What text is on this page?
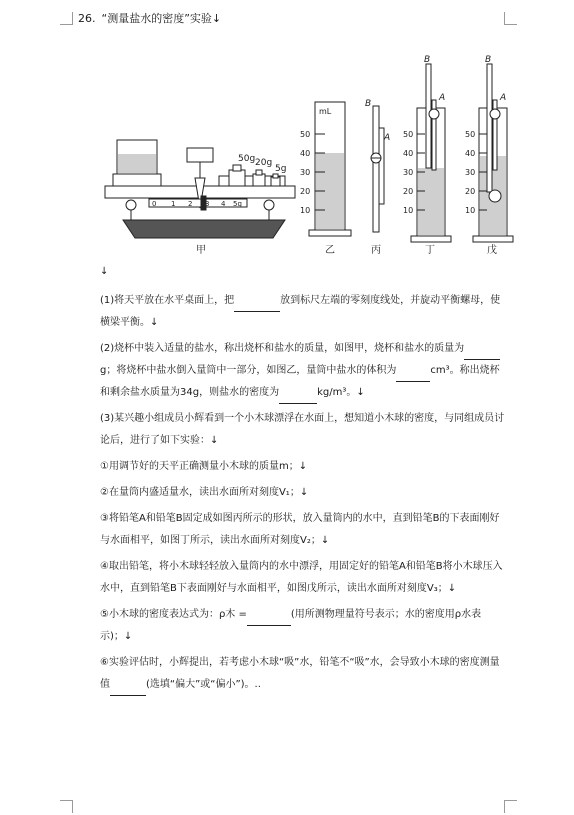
26. “测量盐水的密度”实验↓
50g 20g
5g
0 1 2 3 4 5g
甲
mL
50
40
30
20
10
乙
B
A
丙
50
40
30
20
10
B
A
丁
50
40
30
20
10
B
A
戊
↓

(1)将天平放在水平桌面上，把	放到标尺左端的零刻度线处，并旋动平衡螺母，使横梁平衡。↓

(2)烧杯中装入适量的盐水，称出烧杯和盐水的质量，如图甲，烧杯和盐水的质量为g；将烧杯中盐水倒入量筒中一部分，如图乙，量筒中盐水的体积为	cm³。称出烧杯和剩余盐水质量为34g，则盐水的密度为	kg/m³。↓

(3)某兴趣小组成员小辉看到一个小木球漂浮在水面上，想知道小木球的密度，与同组成员讨论后，进行了如下实验：↓

①用调节好的天平正确测量小木球的质量m；↓

②在量筒内盛适量水，读出水面所对刻度V₁；↓

③将铅笔A和铅笔B固定成如图丙所示的形状，放入量筒内的水中，直到铅笔B的下表面刚好与水面相平，如图丁所示，读出水面所对刻度V₂；↓

④取出铅笔，将小木球轻轻放入量筒内的水中漂浮，用固定好的铅笔A和铅笔B将小木球压入水中，直到铅笔B下表面刚好与水面相平，如图戊所示，读出水面所对刻度V₃；↓

⑤小木球的密度表达式为：ρ木 =	(用所测物理量符号表示；水的密度用ρ水表示)；↓

⑥实验评估时，小辉提出，若考虑小木球“吸”水，铅笔不“吸”水，会导致小木球的密度测量值	(选填“偏大”或“偏小”)。..
